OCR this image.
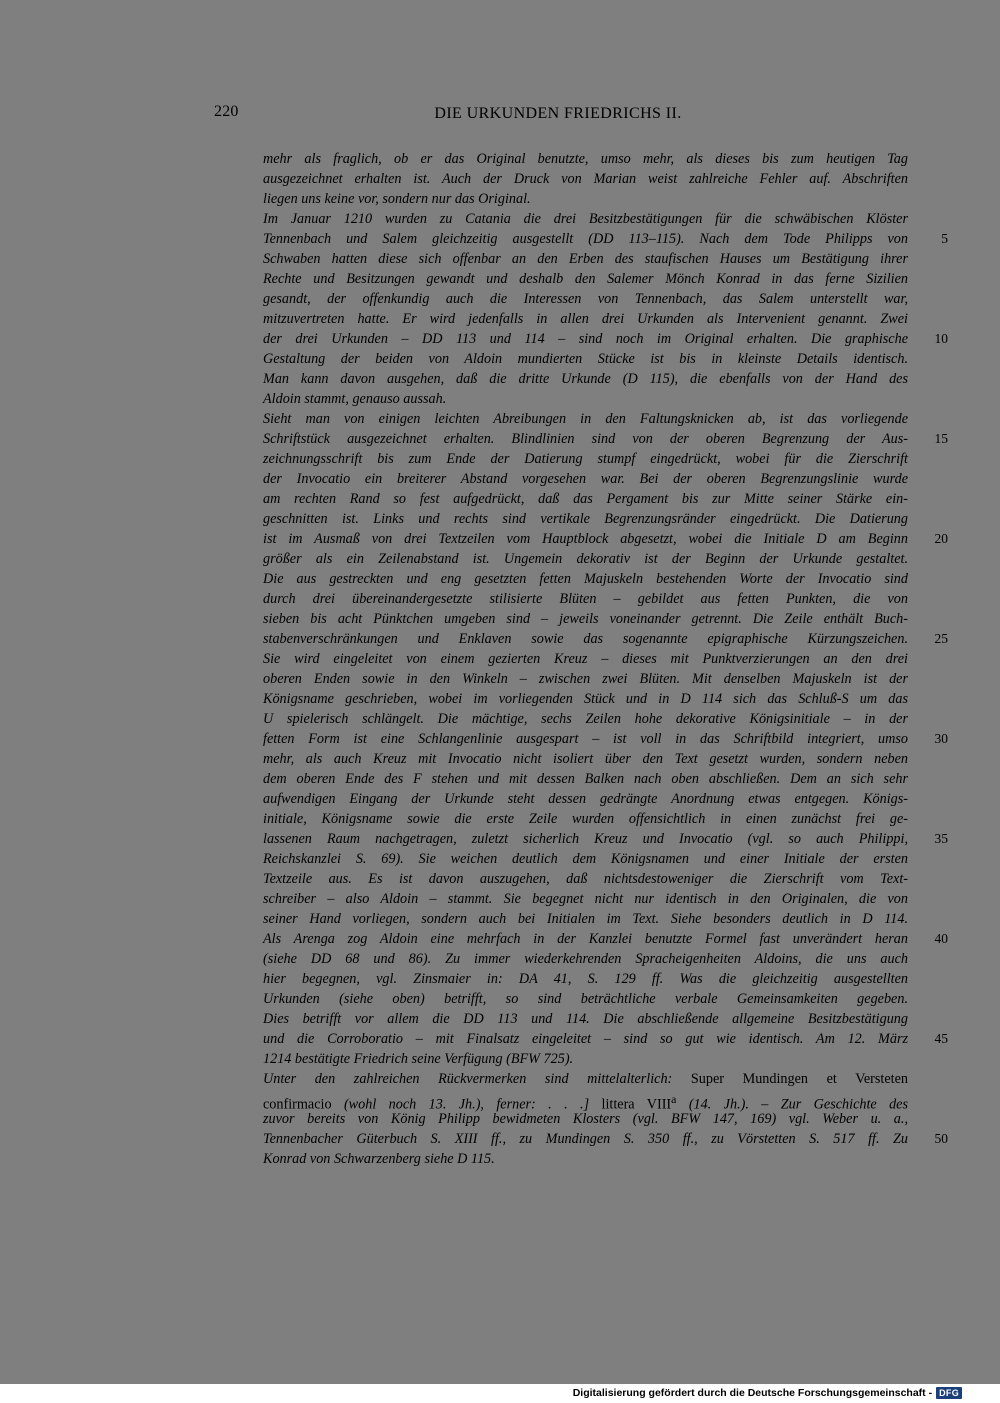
220	DIE URKUNDEN FRIEDRICHS II.
mehr als fraglich, ob er das Original benutzte, umso mehr, als dieses bis zum heutigen Tag
ausgezeichnet erhalten ist. Auch der Druck von Marian weist zahlreiche Fehler auf. Abschriften
liegen uns keine vor, sondern nur das Original.
Im Januar 1210 wurden zu Catania die drei Besitzbestätigungen für die schwäbischen Klöster
Tennenbach und Salem gleichzeitig ausgestellt (DD 113–115). Nach dem Tode Philipps von
Schwaben hatten diese sich offenbar an den Erben des staufischen Hauses um Bestätigung ihrer
Rechte und Besitzungen gewandt und deshalb den Salemer Mönch Konrad in das ferne Sizilien
gesandt, der offenkundig auch die Interessen von Tennenbach, das Salem unterstellt war,
mitzuvertreten hatte. Er wird jedenfalls in allen drei Urkunden als Intervenient genannt. Zwei
der drei Urkunden – DD 113 und 114 – sind noch im Original erhalten. Die graphische
Gestaltung der beiden von Aldoin mundierten Stücke ist bis in kleinste Details identisch.
Man kann davon ausgehen, daß die dritte Urkunde (D 115), die ebenfalls von der Hand des
Aldoin stammt, genauso aussah.
Sieht man von einigen leichten Abreibungen in den Faltungsknicken ab, ist das vorliegende
Schriftstück ausgezeichnet erhalten. Blindlinien sind von der oberen Begrenzung der Aus-
zeichnungsschrift bis zum Ende der Datierung stumpf eingedrückt, wobei für die Zierschrift
der Invocatio ein breiterer Abstand vorgesehen war. Bei der oberen Begrenzungslinie wurde
am rechten Rand so fest aufgedrückt, daß das Pergament bis zur Mitte seiner Stärke ein-
geschnitten ist. Links und rechts sind vertikale Begrenzungsränder eingedrückt. Die Datierung
ist im Ausmaß von drei Textzeilen vom Hauptblock abgesetzt, wobei die Initiale D am Beginn
größer als ein Zeilenabstand ist. Ungemein dekorativ ist der Beginn der Urkunde gestaltet.
Die aus gestreckten und eng gesetzten fetten Majuskeln bestehenden Worte der Invocatio sind
durch drei übereinandergesetzte stilisierte Blüten – gebildet aus fetten Punkten, die von
sieben bis acht Pünktchen umgeben sind – jeweils voneinander getrennt. Die Zeile enthält Buch-
stabenverschränkungen und Enklaven sowie das sogenannte epigraphische Kürzungszeichen.
Sie wird eingeleitet von einem gezierten Kreuz – dieses mit Punktverzierungen an den drei
oberen Enden sowie in den Winkeln – zwischen zwei Blüten. Mit denselben Majuskeln ist der
Königsname geschrieben, wobei im vorliegenden Stück und in D 114 sich das Schluß-S um das
U spielerisch schlängelt. Die mächtige, sechs Zeilen hohe dekorative Königsinitiale – in der
fetten Form ist eine Schlangenlinie ausgespart – ist voll in das Schriftbild integriert, umso
mehr, als auch Kreuz mit Invocatio nicht isoliert über den Text gesetzt wurden, sondern neben
dem oberen Ende des F stehen und mit dessen Balken nach oben abschließen. Dem an sich sehr
aufwendigen Eingang der Urkunde steht dessen gedrängte Anordnung etwas entgegen. Königs-
initiale, Königsname sowie die erste Zeile wurden offensichtlich in einen zunächst frei ge-
lassenen Raum nachgetragen, zuletzt sicherlich Kreuz und Invocatio (vgl. so auch Philippi,
Reichskanzlei S. 69). Sie weichen deutlich dem Königsnamen und einer Initiale der ersten
Textzeile aus. Es ist davon auszugehen, daß nichtsdestoweniger die Zierschrift vom Text-
schreiber – also Aldoin – stammt. Sie begegnet nicht nur identisch in den Originalen, die von
seiner Hand vorliegen, sondern auch bei Initialen im Text. Siehe besonders deutlich in D 114.
Als Arenga zog Aldoin eine mehrfach in der Kanzlei benutzte Formel fast unverändert heran
(siehe DD 68 und 86). Zu immer wiederkehrenden Spracheigenheiten Aldoins, die uns auch
hier begegnen, vgl. Zinsmaier in: DA 41, S. 129 ff. Was die gleichzeitig ausgestellten
Urkunden (siehe oben) betrifft, so sind beträchtliche verbale Gemeinsamkeiten gegeben.
Dies betrifft vor allem die DD 113 und 114. Die abschließende allgemeine Besitzbestätigung
und die Corroboratio – mit Finalsatz eingeleitet – sind so gut wie identisch. Am 12. März
1214 bestätigte Friedrich seine Verfügung (BFW 725).
Unter den zahlreichen Rückvermerken sind mittelalterlich: Super Mundingen et Versteten
confirmacio (wohl noch 13. Jh.), ferner: . . .] littera VIII$^a$ (14. Jh.). – Zur Geschichte des
zuvor bereits von König Philipp bewidmeten Klosters (vgl. BFW 147, 169) vgl. Weber u. a.,
Tennenbacher Güterbuch S. XIII ff., zu Mundingen S. 350 ff., zu Vörstetten S. 517 ff. Zu
Konrad von Schwarzenberg siehe D 115.
5
10
15
20
25
30
35
40
45
50
Digitalisierung gefördert durch die Deutsche Forschungsgemeinschaft - DFG
